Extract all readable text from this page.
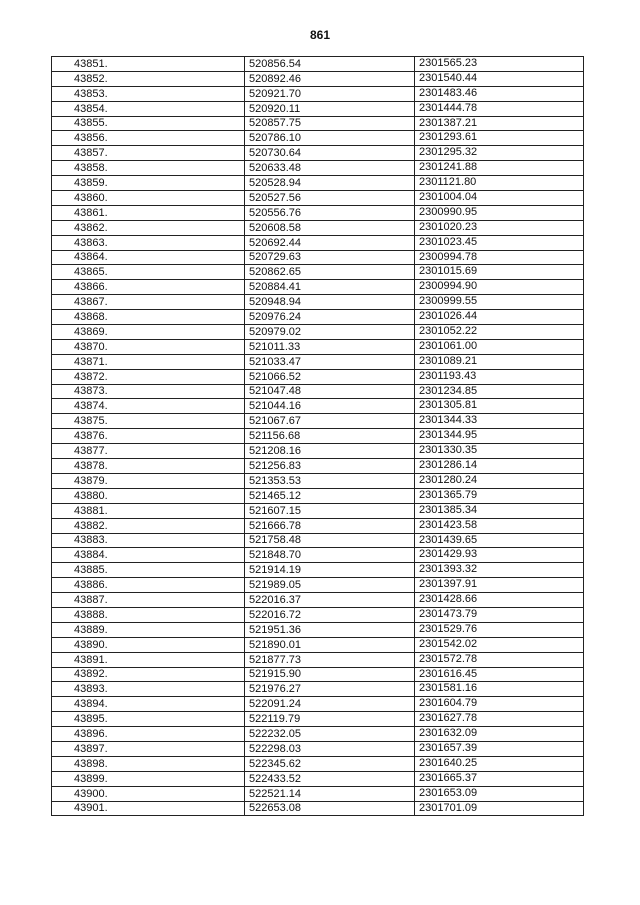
861
43851.	520856.54	2301565.23
43852.	520892.46	2301540.44
43853.	520921.70	2301483.46
43854.	520920.11	2301444.78
43855.	520857.75	2301387.21
43856.	520786.10	2301293.61
43857.	520730.64	2301295.32
43858.	520633.48	2301241.88
43859.	520528.94	2301121.80
43860.	520527.56	2301004.04
43861.	520556.76	2300990.95
43862.	520608.58	2301020.23
43863.	520692.44	2301023.45
43864.	520729.63	2300994.78
43865.	520862.65	2301015.69
43866.	520884.41	2300994.90
43867.	520948.94	2300999.55
43868.	520976.24	2301026.44
43869.	520979.02	2301052.22
43870.	521011.33	2301061.00
43871.	521033.47	2301089.21
43872.	521066.52	2301193.43
43873.	521047.48	2301234.85
43874.	521044.16	2301305.81
43875.	521067.67	2301344.33
43876.	521156.68	2301344.95
43877.	521208.16	2301330.35
43878.	521256.83	2301286.14
43879.	521353.53	2301280.24
43880.	521465.12	2301365.79
43881.	521607.15	2301385.34
43882.	521666.78	2301423.58
43883.	521758.48	2301439.65
43884.	521848.70	2301429.93
43885.	521914.19	2301393.32
43886.	521989.05	2301397.91
43887.	522016.37	2301428.66
43888.	522016.72	2301473.79
43889.	521951.36	2301529.76
43890.	521890.01	2301542.02
43891.	521877.73	2301572.78
43892.	521915.90	2301616.45
43893.	521976.27	2301581.16
43894.	522091.24	2301604.79
43895.	522119.79	2301627.78
43896.	522232.05	2301632.09
43897.	522298.03	2301657.39
43898.	522345.62	2301640.25
43899.	522433.52	2301665.37
43900.	522521.14	2301653.09
43901.	522653.08	2301701.09
